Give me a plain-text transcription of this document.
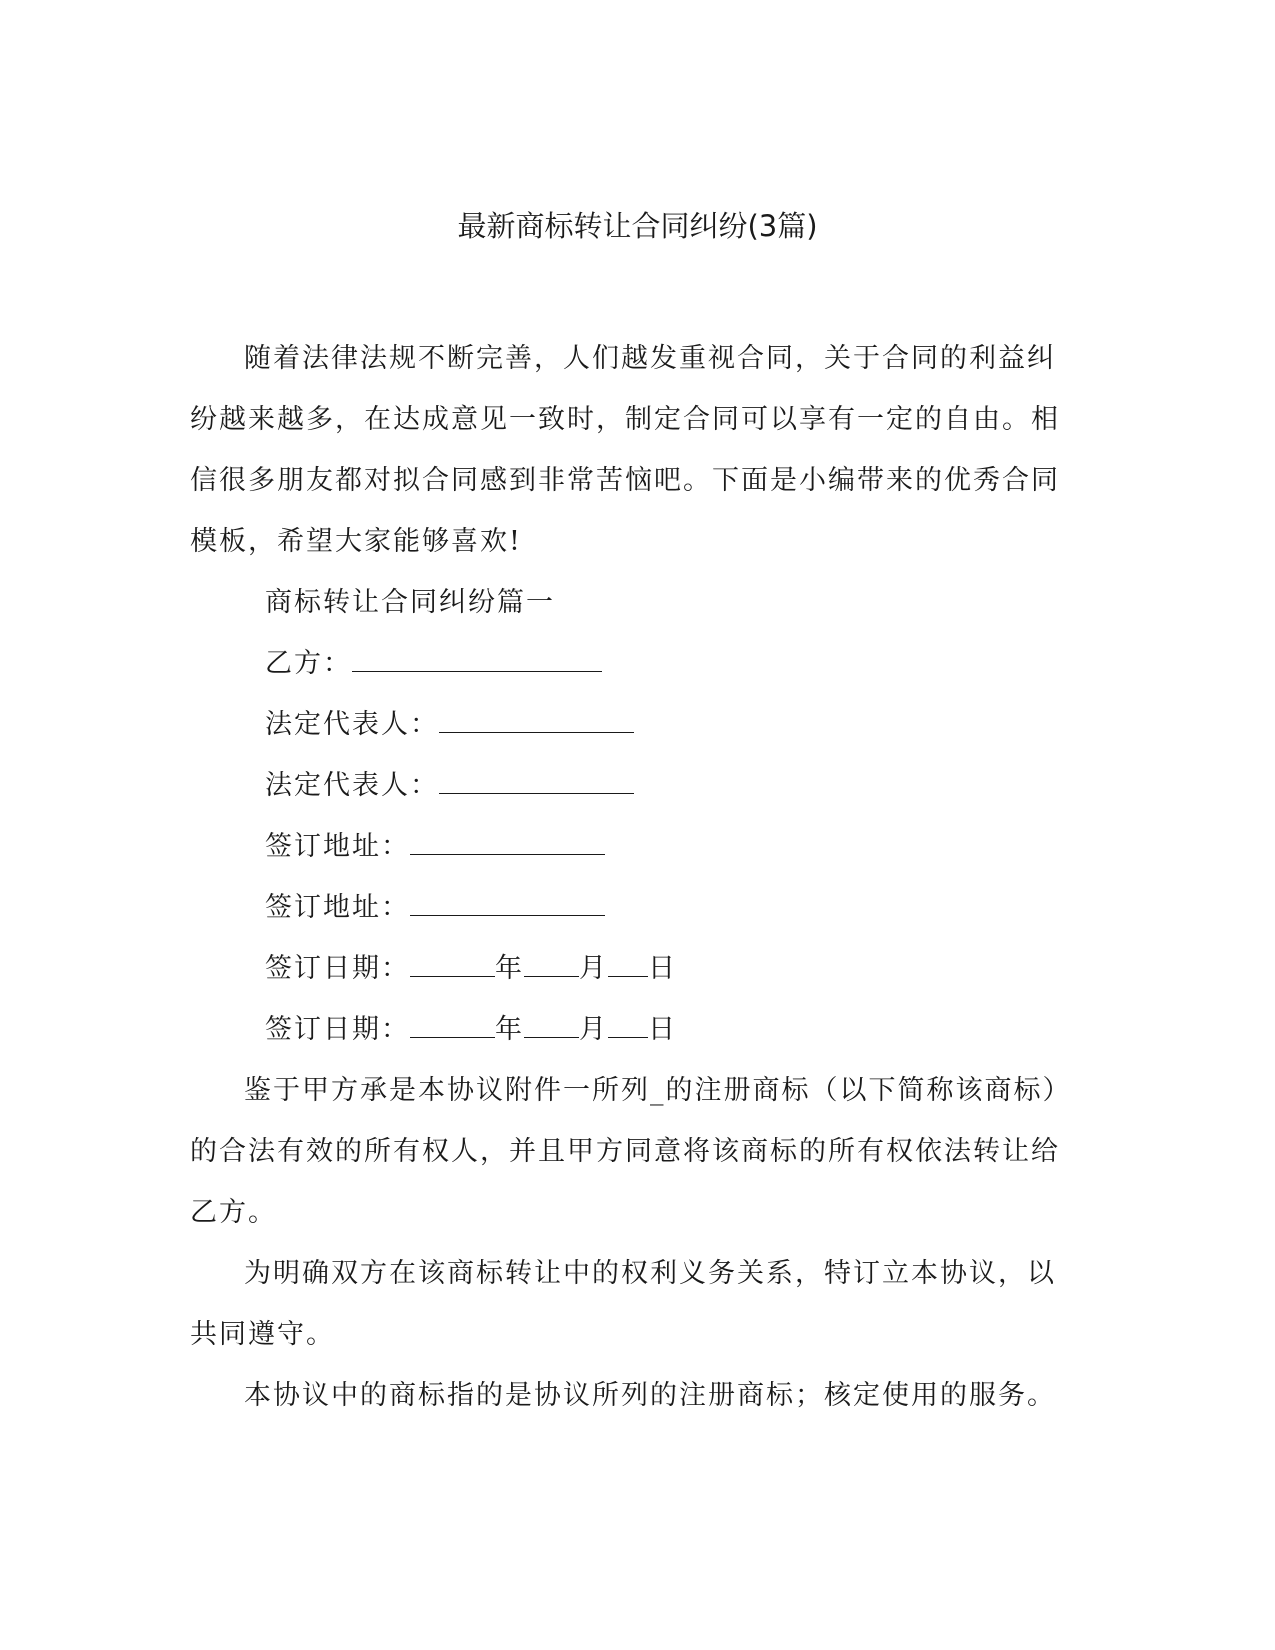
最新商标转让合同纠纷(3篇)

随着法律法规不断完善，人们越发重视合同，关于合同的利益纠纷越来越多，在达成意见一致时，制定合同可以享有一定的自由。相信很多朋友都对拟合同感到非常苦恼吧。下面是小编带来的优秀合同模板，希望大家能够喜欢!

商标转让合同纠纷篇一

乙方：

法定代表人：

法定代表人：

签订地址：

签订地址：

签订日期：	年 月 日

签订日期：	年 月 日

鉴于甲方承是本协议附件一所列_的注册商标（以下简称该商标）的合法有效的所有权人，并且甲方同意将该商标的所有权依法转让给乙方。

为明确双方在该商标转让中的权利义务关系，特订立本协议，以共同遵守。

本协议中的商标指的是协议所列的注册商标；核定使用的服务。
